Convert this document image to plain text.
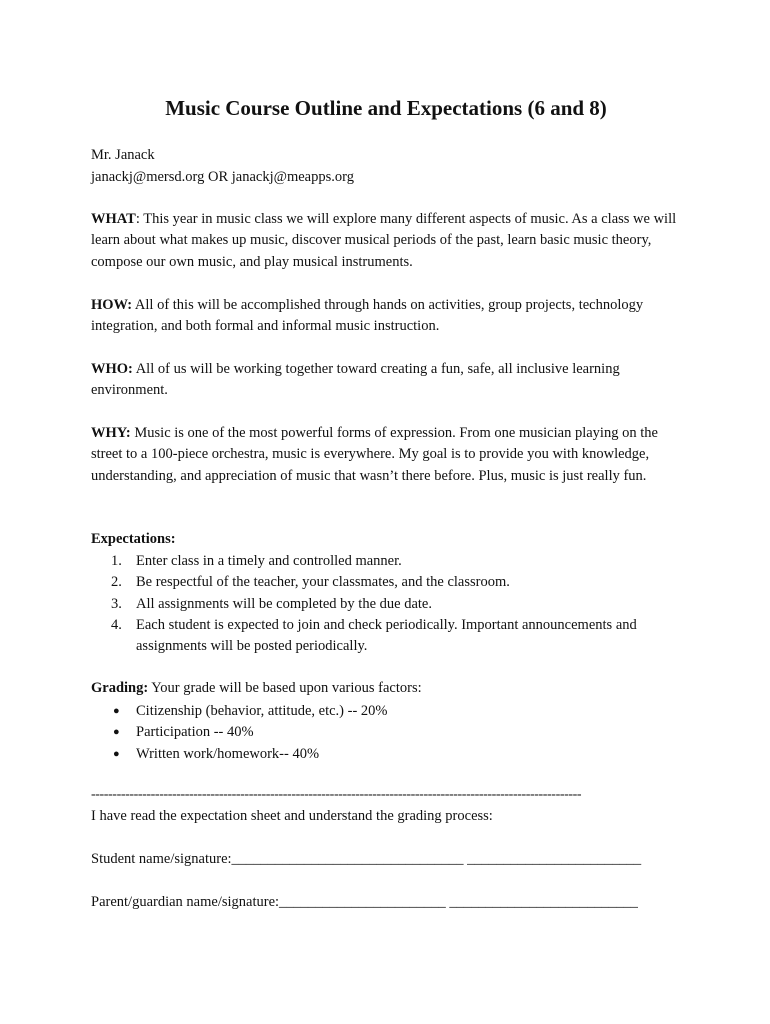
Music Course Outline and Expectations (6 and 8)

Mr. Janack

janackj@mersd.org OR janackj@meapps.org

WHAT: This year in music class we will explore many different aspects of music. As a class we will learn about what makes up music, discover musical periods of the past, learn basic music theory, compose our own music, and play musical instruments.

HOW: All of this will be accomplished through hands on activities, group projects, technology integration, and both formal and informal music instruction.

WHO: All of us will be working together toward creating a fun, safe, all inclusive learning environment.

WHY: Music is one of the most powerful forms of expression. From one musician playing on the street to a 100-piece orchestra, music is everywhere. My goal is to provide you with knowledge, understanding, and appreciation of music that wasn’t there before. Plus, music is just really fun.

Expectations:

1. Enter class in a timely and controlled manner.
2. Be respectful of the teacher, your classmates, and the classroom.
3. All assignments will be completed by the due date.
4. Each student is expected to join and check periodically. Important announcements and assignments will be posted periodically.

Grading: Your grade will be based upon various factors:

● Citizenship (behavior, attitude, etc.) -- 20%
● Participation -- 40%
● Written work/homework-- 40%

-------------------------------------------------------------------------------------------------------------------

I have read the expectation sheet and understand the grading process:

Student name/signature:________________________________ ________________________

Parent/guardian name/signature:_______________________ __________________________
